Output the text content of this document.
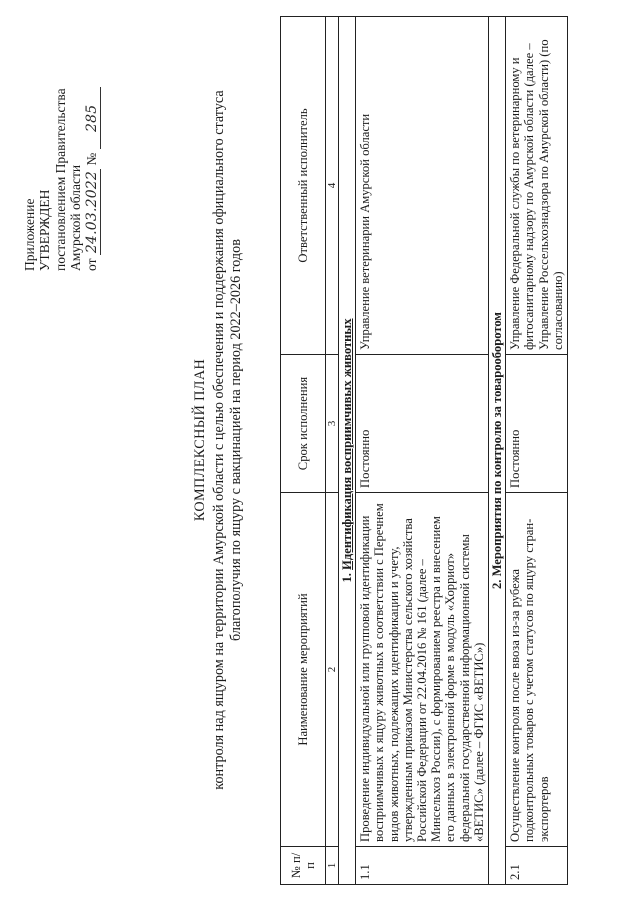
Приложение УТВЕРЖДЕН постановлением Правительства Амурской области от 24.03.2022 № 285
КОМПЛЕКСНЫЙ ПЛАН контроля над ящуром на территории Амурской области с целью обеспечения и поддержания официального статуса благополучия по ящуру с вакцинацией на период 2022–2026 годов
№ п/п	Наименование мероприятий	Срок исполнения	Ответственный исполнитель
1	2	3	4
1. Идентификация восприимчивых животных			
1.1	Проведение индивидуальной или групповой идентификации восприимчивых к ящуру животных в соответствии с Перечнем видов животных, подлежащих идентификации и учету, утвержденным приказом Министерства сельского хозяйства Российской Федерации от 22.04.2016 № 161 (далее – Минсельхоз России), с формированием реестра и внесением его данных в электронной форме в модуль «Хорриот» федеральной государственной информационной системы «ВЕТИС» (далее – ФГИС «ВЕТИС»)	Постоянно	Управление ветеринарии Амурской области
2. Мероприятия по контролю за товарооборотом			
2.1	Осуществление контроля после ввоза из-за рубежа подконтрольных товаров с учетом статусов по ящуру стран-экспортеров	Постоянно	Управление Федеральной службы по ветеринарному и фитосанитарному надзору по Амурской области (далее – Управление Россельхознадзора по Амурской области) (по согласованию)
